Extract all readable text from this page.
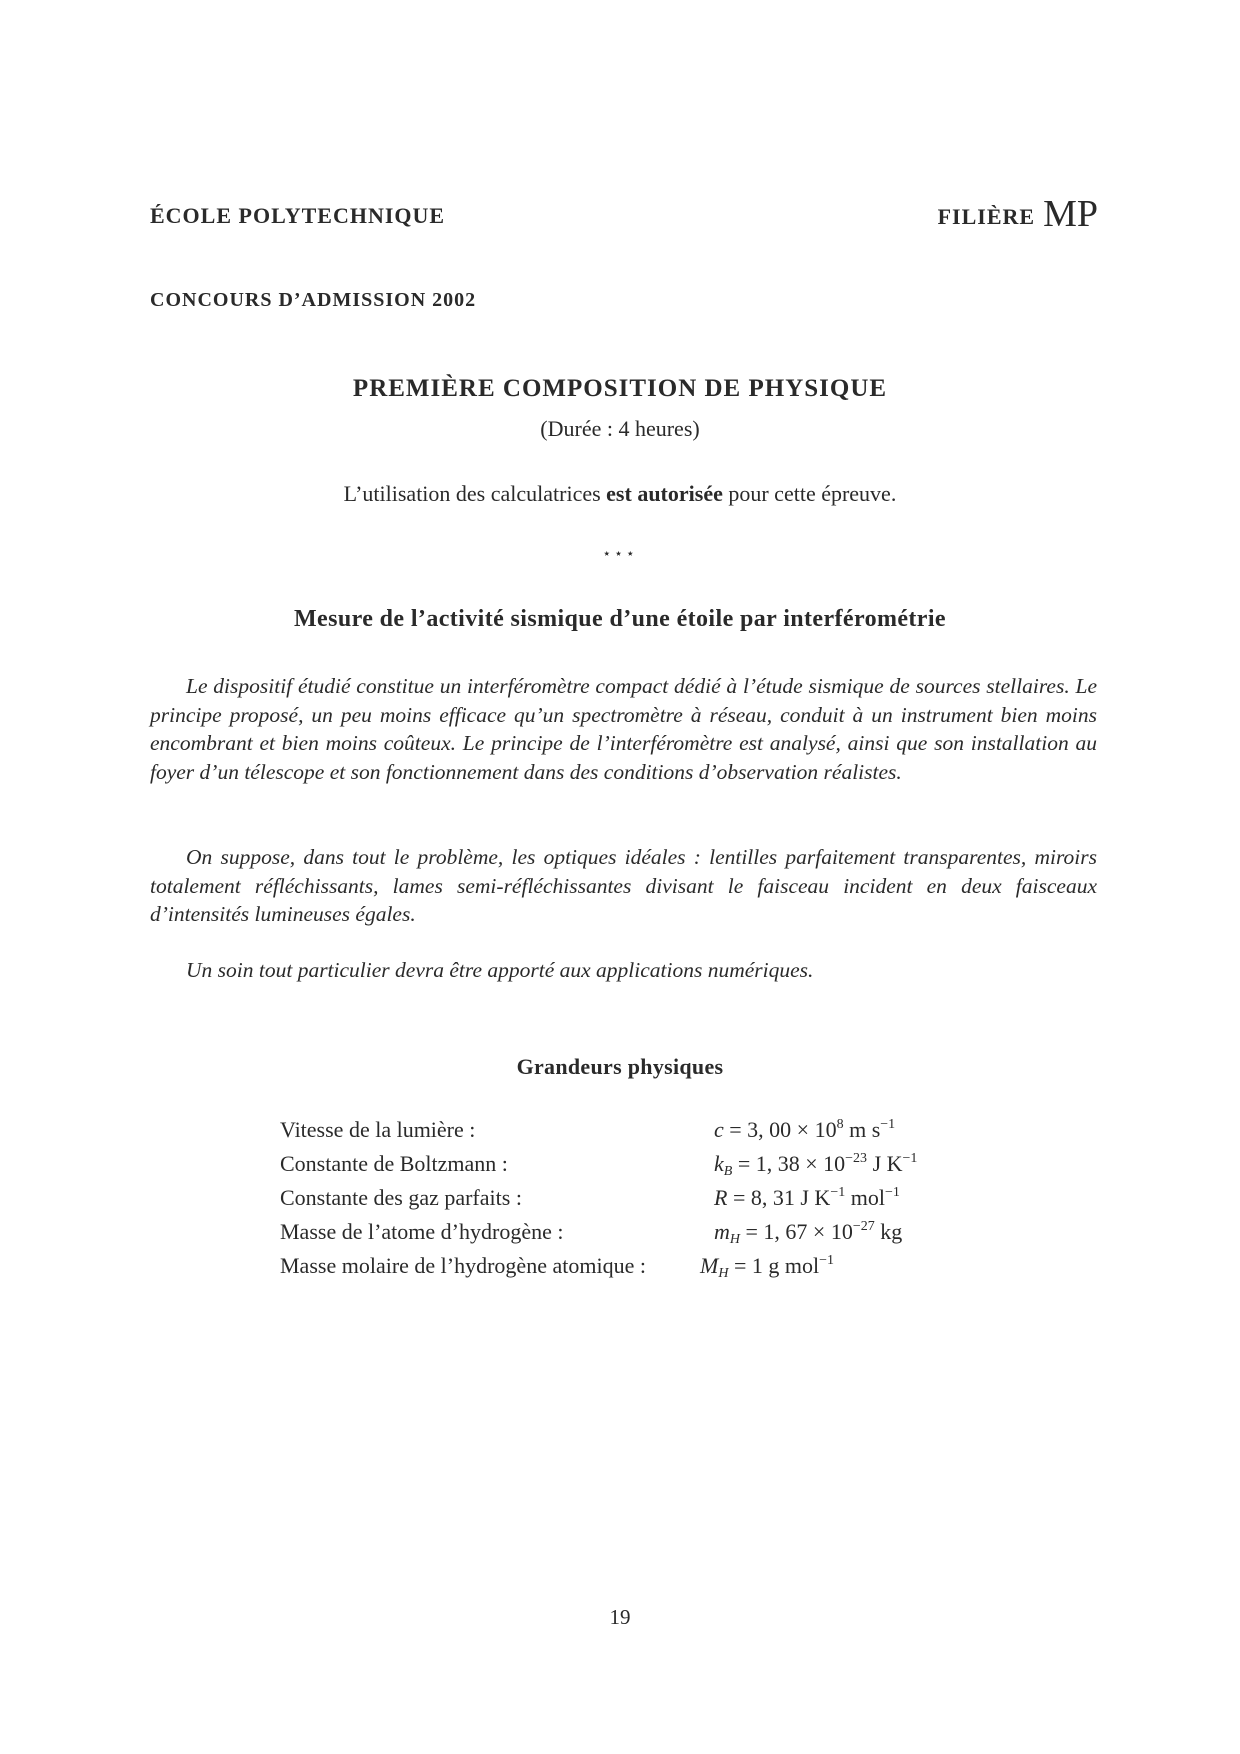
ÉCOLE POLYTECHNIQUE	FILIÈRE MP
CONCOURS D’ADMISSION 2002
PREMIÈRE COMPOSITION DE PHYSIQUE
(Durée : 4 heures)
L’utilisation des calculatrices est autorisée pour cette épreuve.
⋆⋆⋆
Mesure de l’activité sismique d’une étoile par interférométrie

Le dispositif étudié constitue un interféromètre compact dédié à l’étude sismique de sources stellaires. Le principe proposé, un peu moins efficace qu’un spectromètre à réseau, conduit à un instrument bien moins encombrant et bien moins coûteux. Le principe de l’interféromètre est analysé, ainsi que son installation au foyer d’un télescope et son fonctionnement dans des conditions d’observation réalistes.

On suppose, dans tout le problème, les optiques idéales : lentilles parfaitement transparentes, miroirs totalement réfléchissants, lames semi-réfléchissantes divisant le faisceau incident en deux faisceaux d’intensités lumineuses égales.

Un soin tout particulier devra être apporté aux applications numériques.

Grandeurs physiques
Vitesse de la lumière :	c = 3, $00 \times 10^8$ m $s^{-1}$
Constante de Boltzmann :	$k_B = 1$, $38 \times 10^{-23}$ J $K^{-1}$
Constante des gaz parfaits :	R = 8, 31 J $K^{-1}$ mol$^{-1}$
Masse de l’atome d’hydrogène :	$m_H = 1$, $67 \times 10^{-27}$ kg
Masse molaire de l’hydrogène atomique :	$M_H = 1$ g mol$^{-1}$
19
